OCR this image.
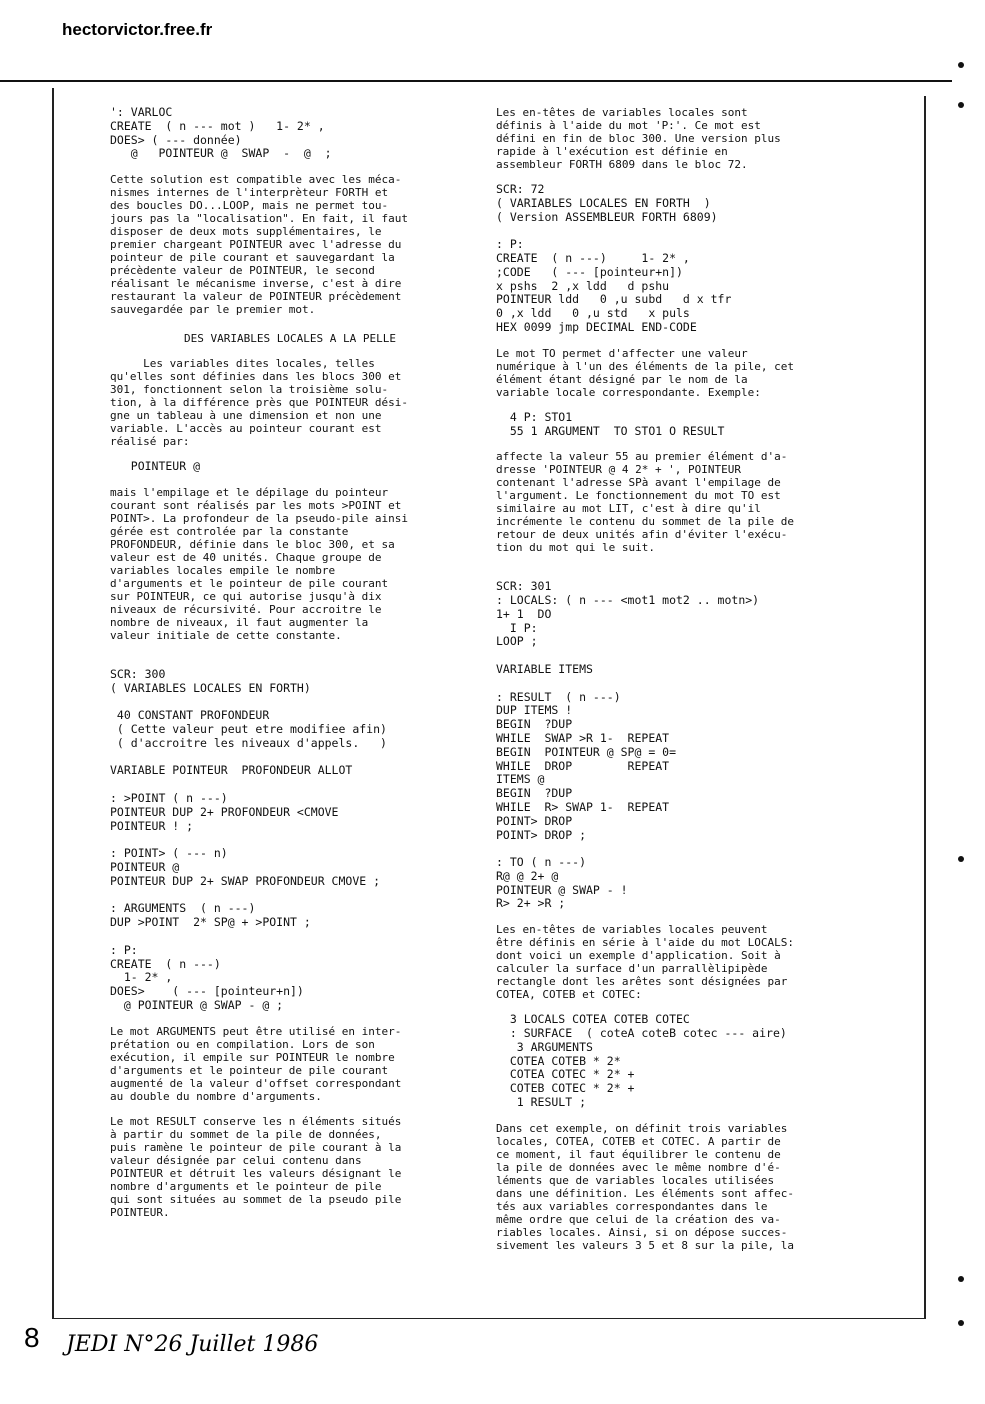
hectorvictor.free.fr
': VARLOC
CREATE  ( n --- mot )   1- 2* ,
DOES> ( --- donnée)
@   POINTEUR @  SWAP  -  @  ;
Cette solution est compatible avec les méca-
nismes internes de l'interprèteur FORTH et
des boucles DO...LOOP, mais ne permet tou-
jours pas la "localisation". En fait, il faut
disposer de deux mots supplémentaires, le
premier chargeant POINTEUR avec l'adresse du
pointeur de pile courant et sauvegardant la
précèdente valeur de POINTEUR, le second
réalisant le mécanisme inverse, c'est à dire
restaurant la valeur de POINTEUR précèdement
sauvegardée par le premier mot.
DES VARIABLES LOCALES A LA PELLE
Les variables dites locales, telles
qu'elles sont définies dans les blocs 300 et
301, fonctionnent selon la troisième solu-
tion, à la différence près que POINTEUR dési-
gne un tableau à une dimension et non une
variable. L'accès au pointeur courant est
réalisé par:
POINTEUR @
mais l'empilage et le dépilage du pointeur
courant sont réalisés par les mots >POINT et
POINT>. La profondeur de la pseudo-pile ainsi
gérée est controlée par la constante
PROFONDEUR, définie dans le bloc 300, et sa
valeur est de 40 unités. Chaque groupe de
variables locales empile le nombre
d'arguments et le pointeur de pile courant
sur POINTEUR, ce qui autorise jusqu'à dix
niveaux de récursivité. Pour accroitre le
nombre de niveaux, il faut augmenter la
valeur initiale de cette constante.

SCR: 300
( VARIABLES LOCALES EN FORTH)

40 CONSTANT PROFONDEUR
( Cette valeur peut etre modifiee afin)
( d'accroitre les niveaux d'appels.   )

VARIABLE POINTEUR  PROFONDEUR ALLOT

: >POINT ( n ---)
POINTEUR DUP 2+ PROFONDEUR <CMOVE
POINTEUR ! ;

: POINT> ( --- n)
POINTEUR @
POINTEUR DUP 2+ SWAP PROFONDEUR CMOVE ;

: ARGUMENTS  ( n ---)
DUP >POINT  2* SP@ + >POINT ;

: P:
CREATE  ( n ---)
1- 2* ,
DOES>    ( --- [pointeur+n])
@ POINTEUR @ SWAP - @ ;
Le mot ARGUMENTS peut être utilisé en inter-
prétation ou en compilation. Lors de son
exécution, il empile sur POINTEUR le nombre
d'arguments et le pointeur de pile courant
augmenté de la valeur d'offset correspondant
au double du nombre d'arguments.
Le mot RESULT conserve les n éléments situés
à partir du sommet de la pile de données,
puis ramène le pointeur de pile courant à la
valeur désignée par celui contenu dans
POINTEUR et détruit les valeurs désignant le
nombre d'arguments et le pointeur de pile
qui sont situées au sommet de la pseudo pile
POINTEUR.
Les en-têtes de variables locales sont
définis à l'aide du mot 'P:'. Ce mot est
défini en fin de bloc 300. Une version plus
rapide à l'exécution est définie en
assembleur FORTH 6809 dans le bloc 72.
SCR: 72
( VARIABLES LOCALES EN FORTH  )
( Version ASSEMBLEUR FORTH 6809)

: P:
CREATE  ( n ---)     1- 2* ,
;CODE   ( --- [pointeur+n])
x pshs  2 ,x ldd   d pshu
POINTEUR ldd   0 ,u subd   d x tfr
0 ,x ldd   0 ,u std   x puls
HEX 0099 jmp DECIMAL END-CODE
Le mot TO permet d'affecter une valeur
numérique à l'un des éléments de la pile, cet
élément étant désigné par le nom de la
variable locale correspondante. Exemple:
4 P: STO1
55 1 ARGUMENT  TO STO1 O RESULT
affecte la valeur 55 au premier élément d'a-
dresse 'POINTEUR @ 4 2* + ', POINTEUR
contenant l'adresse SPà avant l'empilage de
l'argument. Le fonctionnement du mot TO est
similaire au mot LIT, c'est à dire qu'il
incrémente le contenu du sommet de la pile de
retour de deux unités afin d'éviter l'exécu-
tion du mot qui le suit.

SCR: 301
: LOCALS: ( n --- <mot1 mot2 .. motn>)
1+ 1  DO
I P:
LOOP ;

VARIABLE ITEMS

: RESULT  ( n ---)
DUP ITEMS !
BEGIN  ?DUP
WHILE  SWAP >R 1-  REPEAT
BEGIN  POINTEUR @ SP@ = 0=
WHILE  DROP        REPEAT
ITEMS @
BEGIN  ?DUP
WHILE  R> SWAP 1-  REPEAT
POINT> DROP
POINT> DROP ;

: TO ( n ---)
R@ @ 2+ @
POINTEUR @ SWAP - !
R> 2+ >R ;
Les en-têtes de variables locales peuvent
être définis en série à l'aide du mot LOCALS:
dont voici un exemple d'application. Soit à
calculer la surface d'un parrallèlipipède
rectangle dont les arêtes sont désignées par
COTEA, COTEB et COTEC:
3 LOCALS COTEA COTEB COTEC
: SURFACE  ( coteA coteB cotec --- aire)
3 ARGUMENTS
COTEA COTEB * 2*
COTEA COTEC * 2* +
COTEB COTEC * 2* +
1 RESULT ;
Dans cet exemple, on définit trois variables
locales, COTEA, COTEB et COTEC. A partir de
ce moment, il faut équilibrer le contenu de
la pile de données avec le même nombre d'é-
léments que de variables locales utilisées
dans une définition. Les éléments sont affec-
tés aux variables correspondantes dans le
même ordre que celui de la création des va-
riables locales. Ainsi, si on dépose succes-
sivement les valeurs 3 5 et 8 sur la pile, la
8 JEDI N°26 Juillet 1986
